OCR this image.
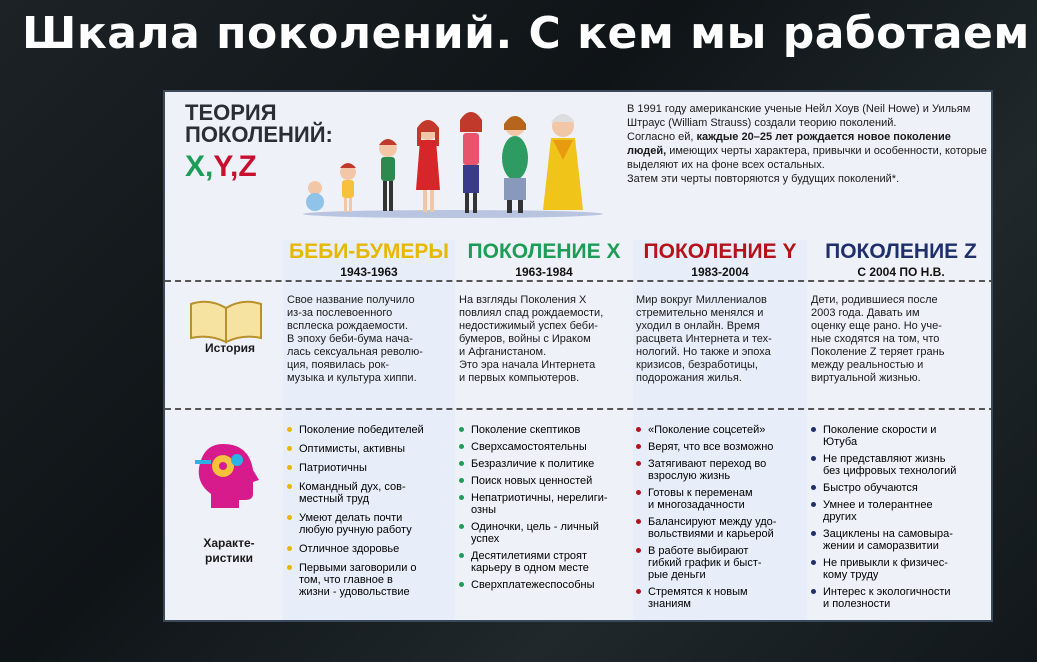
Шкала поколений. С кем мы работаем
ТЕОРИЯ
ПОКОЛЕНИЙ:
X,Y,Z

В 1991 году американские ученые Нейл Хоув (Neil Howe) и Уильям Штраус (William Strauss) создали теорию поколений.

Согласно ей, каждые 20–25 лет рождается новое поколение людей, имеющих черты характера, привычки и особенности, которые выделяют их на фоне всех остальных.

Затем эти черты повторяются у будущих поколений*.

БЕБИ-БУМЕРЫ
1943-1963
ПОКОЛЕНИЕ X
1963-1984
ПОКОЛЕНИЕ Y
1983-2004
ПОКОЛЕНИЕ Z
С 2004 ПО Н.В.
История
Характе-
ристики
Свое название получило
из-за послевоенного
всплеска рождаемости.
В эпоху беби-бума нача-
лась сексуальная револю-
ция, появилась рок-
музыка и культура хиппи.
На взгляды Поколения X
повлиял спад рождаемости,
недостижимый успех беби-
бумеров, войны с Ираком
и Афганистаном.
Это эра начала Интернета
и первых компьютеров.
Мир вокруг Миллениалов
стремительно менялся и
уходил в онлайн. Время
расцвета Интернета и тех-
нологий. Но также и эпоха
кризисов, безработицы,
подорожания жилья.
Дети, родившиеся после
2003 года. Давать им
оценку еще рано. Но уче-
ные сходятся на том, что
Поколение Z теряет грань
между реальностью и
виртуальной жизнью.
Поколение победителей
Оптимисты, активны
Патриотичны
Командный дух, сов-
местный труд
Умеют делать почти
любую ручную работу
Отличное здоровье
Первыми заговорили о
том, что главное в
жизни - удовольствие
Поколение скептиков
Сверхсамостоятельны
Безразличие к политике
Поиск новых ценностей
Непатриотичны, нерелиги-
озны
Одиночки, цель - личный
успех
Десятилетиями строят
карьеру в одном месте
Сверхплатежеспособны
«Поколение соцсетей»
Верят, что все возможно
Затягивают переход во
взрослую жизнь
Готовы к переменам
и многозадачности
Балансируют между удо-
вольствиями и карьерой
В работе выбирают
гибкий график и быст-
рые деньги
Стремятся к новым
знаниям
Поколение скорости и
Ютуба
Не представляют жизнь
без цифровых технологий
Быстро обучаются
Умнее и толерантнее
других
Зациклены на самовыра-
жении и саморазвитии
Не привыкли к физичес-
кому труду
Интерес к экологичности
и полезности
